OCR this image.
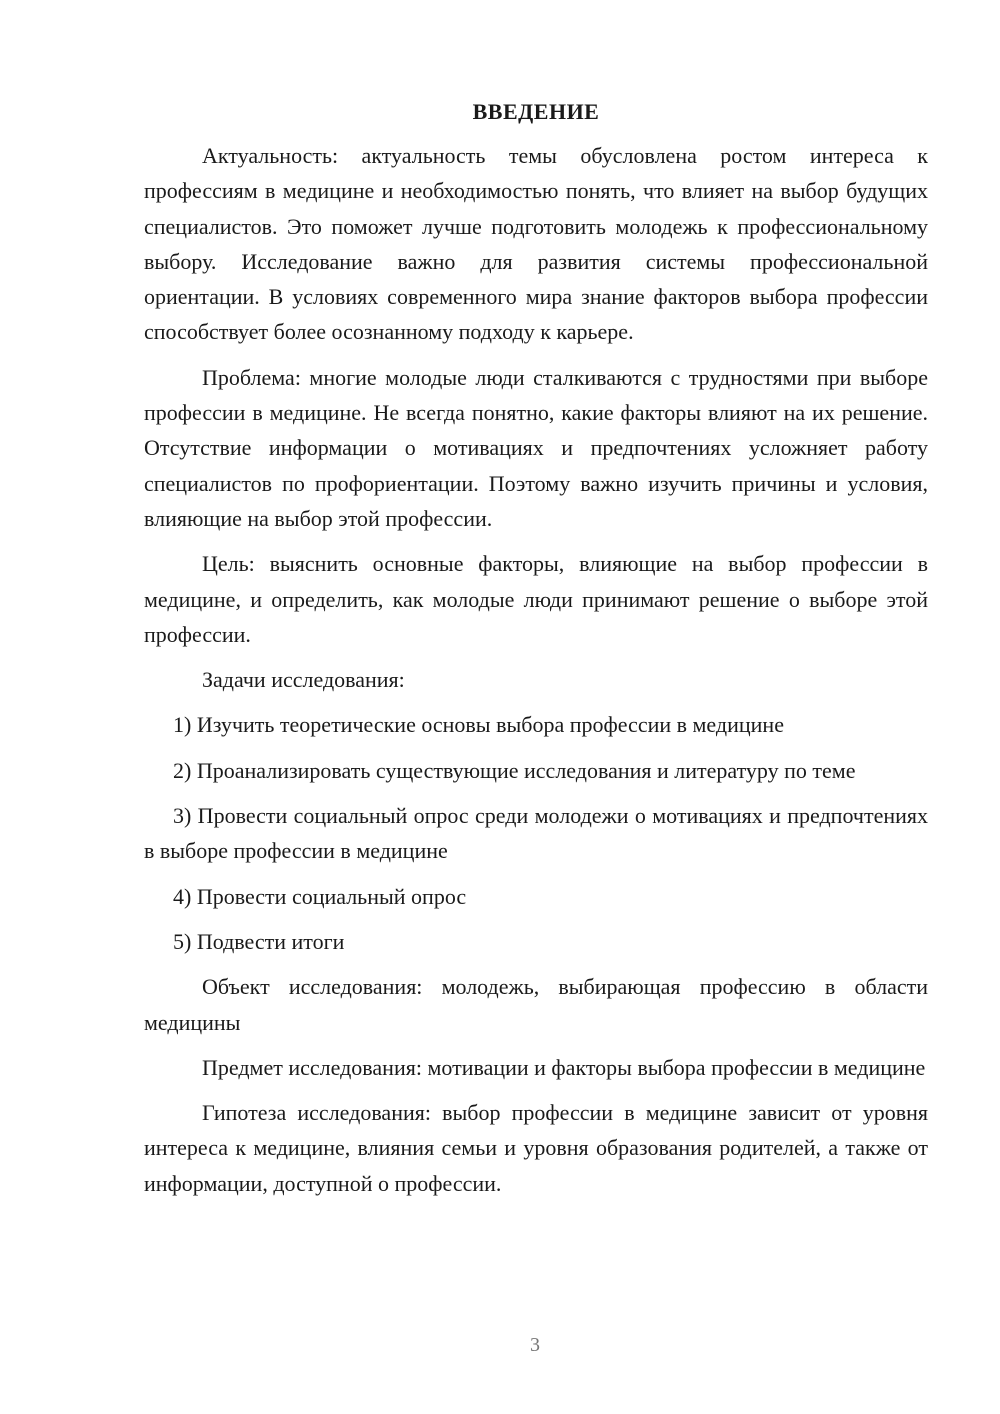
ВВЕДЕНИЕ

Актуальность: актуальность темы обусловлена ростом интереса к профессиям в медицине и необходимостью понять, что влияет на выбор будущих специалистов. Это поможет лучше подготовить молодежь к профессиональному выбору. Исследование важно для развития системы профессиональной ориентации. В условиях современного мира знание факторов выбора профессии способствует более осознанному подходу к карьере.

Проблема: многие молодые люди сталкиваются с трудностями при выборе профессии в медицине. Не всегда понятно, какие факторы влияют на их решение. Отсутствие информации о мотивациях и предпочтениях усложняет работу специалистов по профориентации. Поэтому важно изучить причины и условия, влияющие на выбор этой профессии.

Цель: выяснить основные факторы, влияющие на выбор профессии в медицине, и определить, как молодые люди принимают решение о выборе этой профессии.

Задачи исследования:

1) Изучить теоретические основы выбора профессии в медицине

2) Проанализировать существующие исследования и литературу по теме

3) Провести социальный опрос среди молодежи о мотивациях и предпочтениях в выборе профессии в медицине

4) Провести социальный опрос

5) Подвести итоги

Объект исследования: молодежь, выбирающая профессию в области медицины

Предмет исследования: мотивации и факторы выбора профессии в медицине

Гипотеза исследования: выбор профессии в медицине зависит от уровня интереса к медицине, влияния семьи и уровня образования родителей, а также от информации, доступной о профессии.

3
